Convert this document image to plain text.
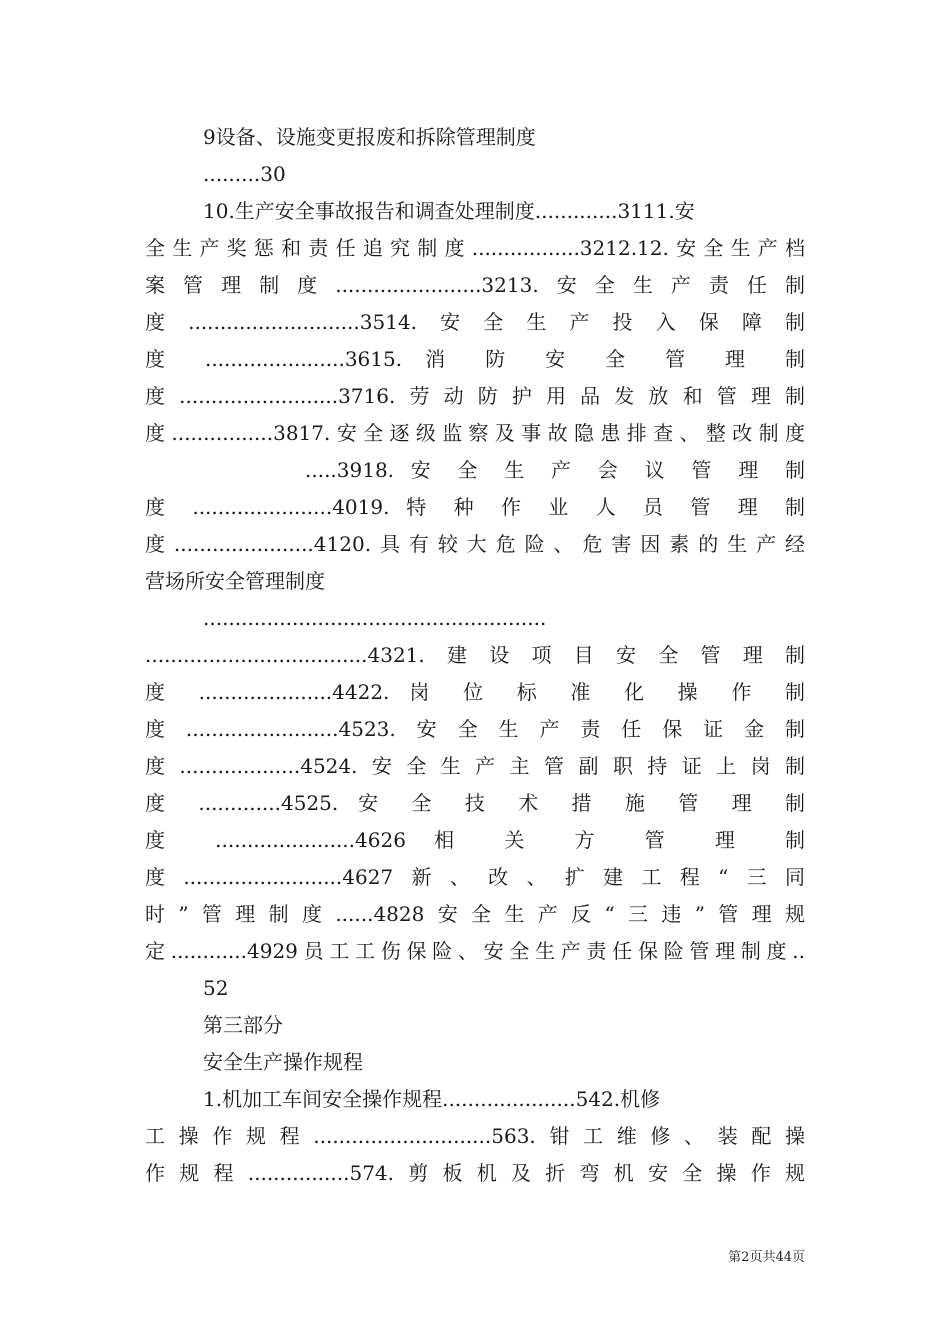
9设备、设施变更报废和拆除管理制度
.........30
10.生产安全事故报告和调查处理制度.............3111.安
全生产奖惩和责任追究制度.................3212.12.安全生产档
案管理制度.......................3213.安全生产责任制
度...........................3514.安全生产投入保障制
度 ......................3615. 消 防 安 全 管 理 制
度.........................3716.劳动防护用品发放和管理制
度................3817.安全逐级监察及事故隐患排查、整改制度
.....3918. 安 全 生 产 会 议 管 理 制
度 ......................4019. 特 种 作 业 人 员 管 理 制
度......................4120.具有较大危险、危害因素的生产经
营场所安全管理制度
......................................................
...................................4321.建设项目安全管理制
度 .....................4422. 岗 位 标 准 化 操 作 制
度........................4523.安全生产责任保证金制
度...................4524.安全生产主管副职持证上岗制
度 .............4525. 安 全 技 术 措 施 管 理 制
度 ......................4626 相 关 方 管 理 制
度.........................4627新、改、扩建工程“三同
时”管理制度......4828安全生产反“三违”管理规
定............4929员工工伤保险、安全生产责任保险管理制度..
52
第三部分
安全生产操作规程
1.机加工车间安全操作规程.....................542.机修
工操作规程............................563.钳工维修、装配操
作规程................574.剪板机及折弯机安全操作规
第2页共44页
